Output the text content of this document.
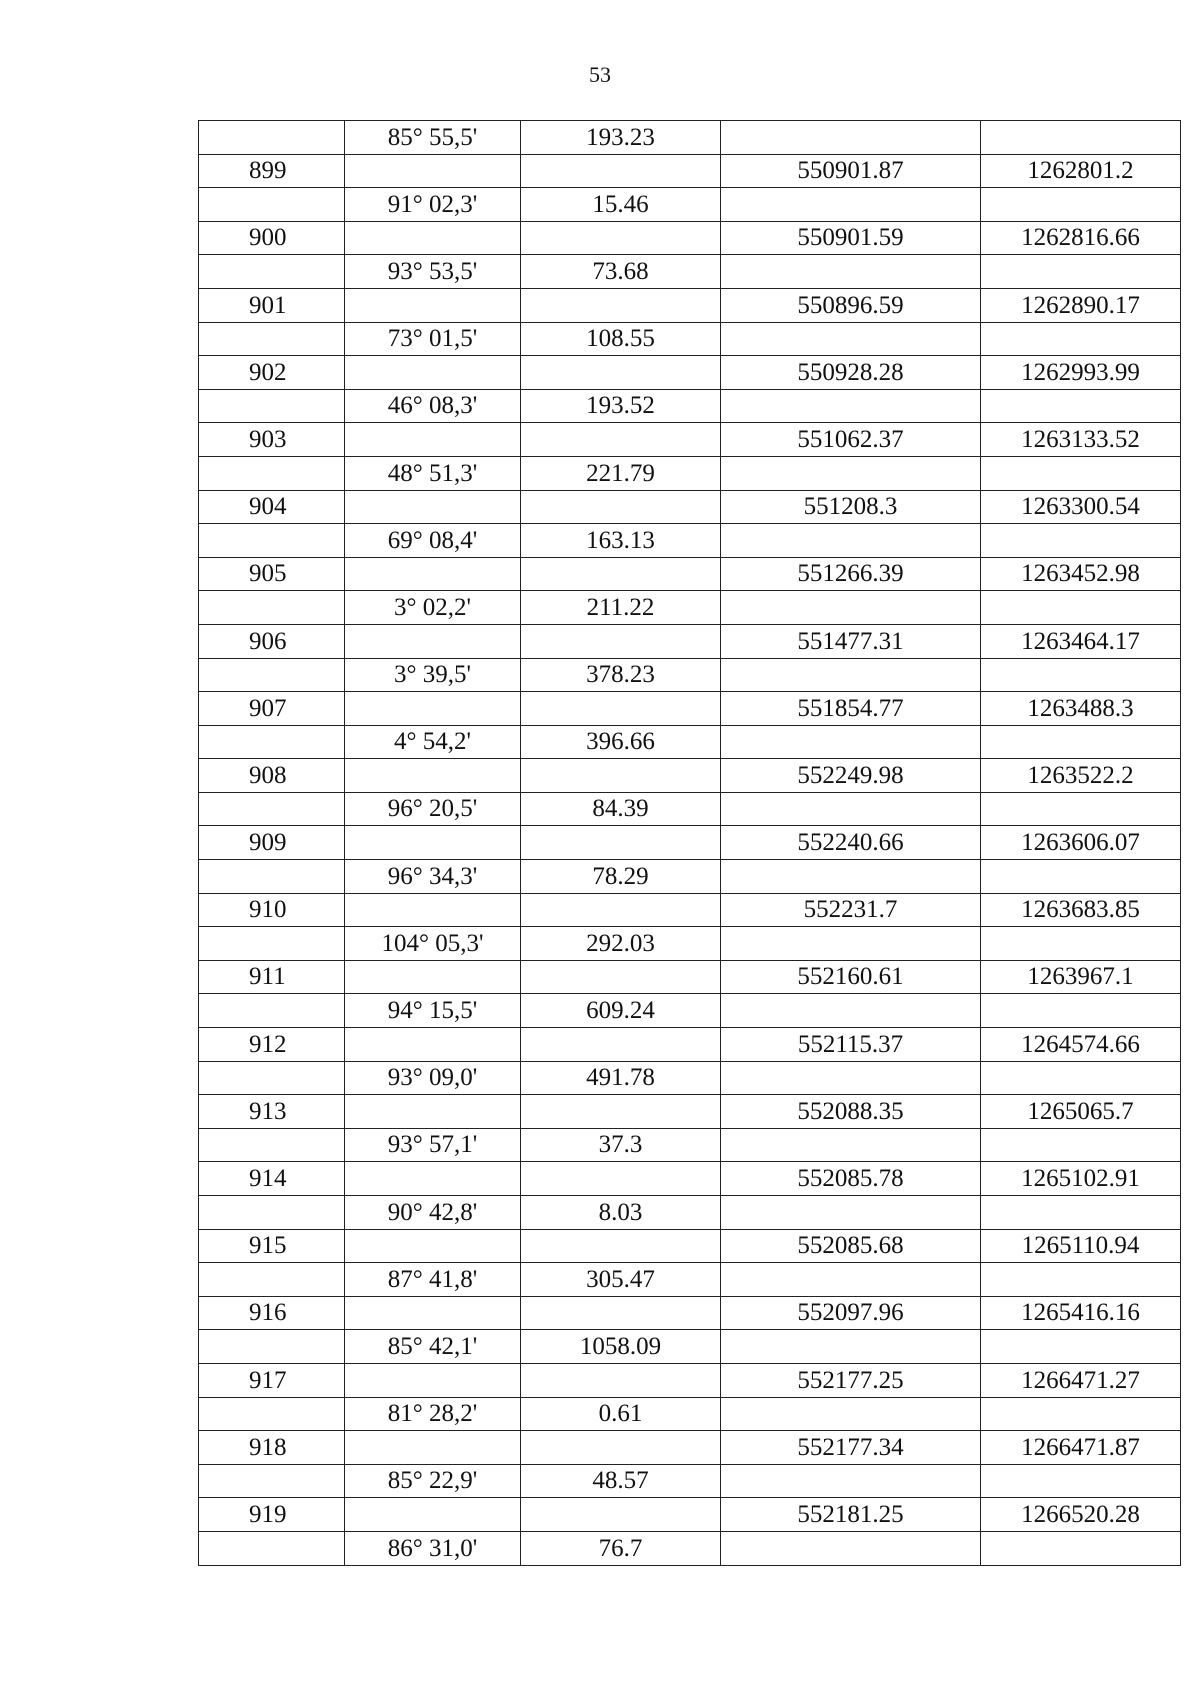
53
	85° 55,5'	193.23		
899			550901.87	1262801.2
	91° 02,3'	15.46		
900			550901.59	1262816.66
	93° 53,5'	73.68		
901			550896.59	1262890.17
	73° 01,5'	108.55		
902			550928.28	1262993.99
	46° 08,3'	193.52		
903			551062.37	1263133.52
	48° 51,3'	221.79		
904			551208.3	1263300.54
	69° 08,4'	163.13		
905			551266.39	1263452.98
	3° 02,2'	211.22		
906			551477.31	1263464.17
	3° 39,5'	378.23		
907			551854.77	1263488.3
	4° 54,2'	396.66		
908			552249.98	1263522.2
	96° 20,5'	84.39		
909			552240.66	1263606.07
	96° 34,3'	78.29		
910			552231.7	1263683.85
	104° 05,3'	292.03		
911			552160.61	1263967.1
	94° 15,5'	609.24		
912			552115.37	1264574.66
	93° 09,0'	491.78		
913			552088.35	1265065.7
	93° 57,1'	37.3		
914			552085.78	1265102.91
	90° 42,8'	8.03		
915			552085.68	1265110.94
	87° 41,8'	305.47		
916			552097.96	1265416.16
	85° 42,1'	1058.09		
917			552177.25	1266471.27
	81° 28,2'	0.61		
918			552177.34	1266471.87
	85° 22,9'	48.57		
919			552181.25	1266520.28
	86° 31,0'	76.7		
